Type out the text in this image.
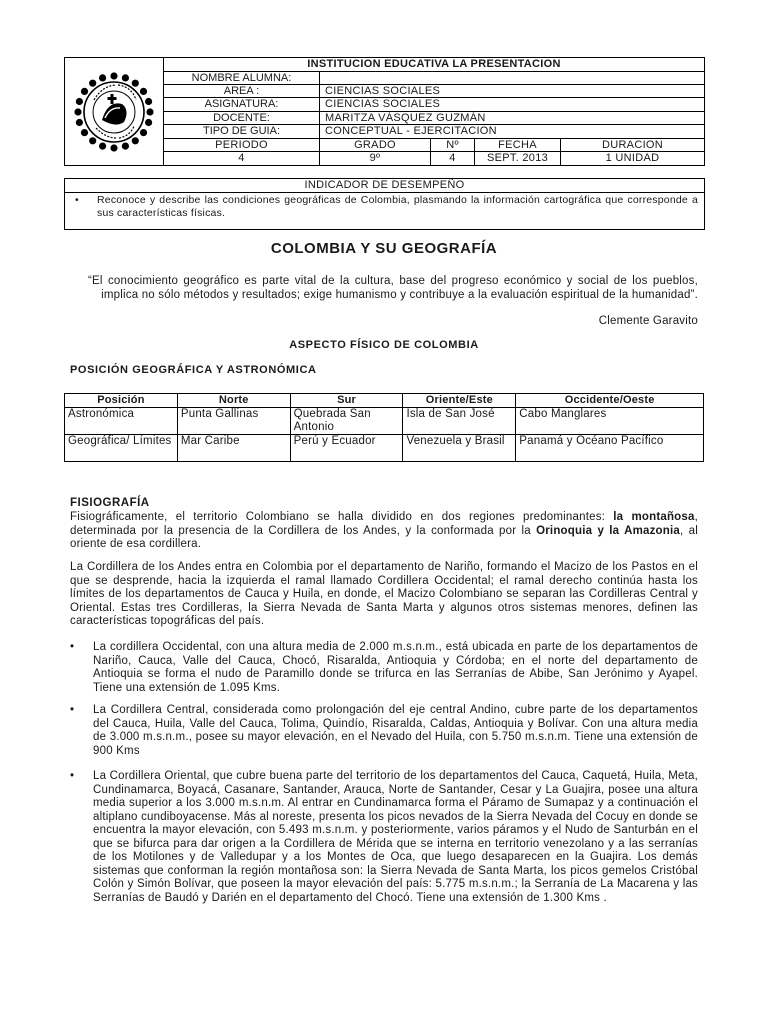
INSTITUCION EDUCATIVA LA PRESENTACION
NOMBRE ALUMNA:
AREA :	CIENCIAS SOCIALES
ASIGNATURA:	CIENCIAS SOCIALES
DOCENTE:	MARITZA VÁSQUEZ GUZMÁN
TIPO DE GUIA:	CONCEPTUAL - EJERCITACION
PERIODO	GRADO	Nº	FECHA	DURACION
4	9º	4	SEPT. 2013	1 UNIDAD
INDICADOR DE DESEMPEÑO
•	Reconoce y describe las condiciones geográficas de Colombia, plasmando la información cartográfica que corresponde a sus características físicas.
COLOMBIA Y SU GEOGRAFÍA
“El conocimiento geográfico es parte vital de la cultura, base del progreso económico y social de los pueblos, implica no sólo métodos y resultados; exige humanismo y contribuye a la evaluación espiritual de la humanidad”.
Clemente Garavito
ASPECTO FÍSICO DE COLOMBIA
POSICIÓN GEOGRÁFICA Y ASTRONÓMICA
Posición	Norte	Sur	Oriente/Este	Occidente/Oeste
Astronómica	Punta Gallinas	Quebrada San Antonio	Isla de San José	Cabo Manglares
Geográfica/ Límites	Mar Caribe	Perú y Ecuador	Venezuela y Brasil	Panamá y Océano Pacífico
FISIOGRAFÍA
Fisiográficamente, el territorio Colombiano se halla dividido en dos regiones predominantes: la montañosa, determinada por la presencia de la Cordillera de los Andes, y la conformada por la Orinoquia y la Amazonia, al oriente de esa cordillera.
La Cordillera de los Andes entra en Colombia por el departamento de Nariño, formando el Macizo de los Pastos en el que se desprende, hacia la izquierda el ramal llamado Cordillera Occidental; el ramal derecho continúa hasta los límites de los departamentos de Cauca y Huila, en donde, el Macizo Colombiano se separan las Cordilleras Central y Oriental. Estas tres Cordilleras, la Sierra Nevada de Santa Marta y algunos otros sistemas menores, definen las características topográficas del país.
•	La cordillera Occidental, con una altura media de 2.000 m.s.n.m., está ubicada en parte de los departamentos de Nariño, Cauca, Valle del Cauca, Chocó, Risaralda, Antioquia y Córdoba; en el norte del departamento de Antioquia se forma el nudo de Paramillo donde se trifurca en las Serranías de Abibe, San Jerónimo y Ayapel. Tiene una extensión de 1.095 Kms.
•	La Cordillera Central, considerada como prolongación del eje central Andino, cubre parte de los departamentos del Cauca, Huila, Valle del Cauca, Tolima, Quindío, Risaralda, Caldas, Antioquia y Bolívar. Con una altura media de 3.000 m.s.n.m., posee su mayor elevación, en el Nevado del Huila, con 5.750 m.s.n.m. Tiene una extensión de 900 Kms
•	La Cordillera Oriental, que cubre buena parte del territorio de los departamentos del Cauca, Caquetá, Huila, Meta, Cundinamarca, Boyacá, Casanare, Santander, Arauca, Norte de Santander, Cesar y La Guajira, posee una altura media superior a los 3.000 m.s.n.m. Al entrar en Cundinamarca forma el Páramo de Sumapaz y a continuación el altiplano cundiboyacense. Más al noreste, presenta los picos nevados de la Sierra Nevada del Cocuy en donde se encuentra la mayor elevación, con 5.493 m.s.n.m. y posteriormente, varios páramos y el Nudo de Santurbán en el que se bifurca para dar origen a la Cordillera de Mérida que se interna en territorio venezolano y a las serranías de los Motilones y de Valledupar y a los Montes de Oca, que luego desaparecen en la Guajira. Los demás sistemas que conforman la región montañosa son: la Sierra Nevada de Santa Marta, los picos gemelos Cristóbal Colón y Simón Bolívar, que poseen la mayor elevación del país: 5.775 m.s.n.m.; la Serranía de La Macarena y las Serranías de Baudó y Darién en el departamento del Chocó. Tiene una extensión de 1.300 Kms .
